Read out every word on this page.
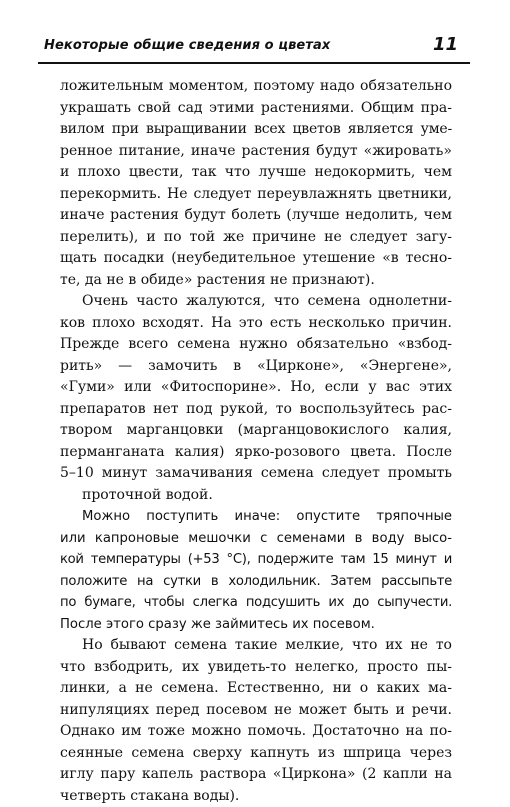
Некоторые общие сведения о цветах	11
ложительным моментом, поэтому надо обязательно
украшать свой сад этими растениями. Общим пра-
вилом при выращивании всех цветов является уме-
ренное питание, иначе растения будут «жировать»
и плохо цвести, так что лучше недокормить, чем
перекормить. Не следует переувлажнять цветники,
иначе растения будут болеть (лучше недолить, чем
перелить), и по той же причине не следует загу-
щать посадки (неубедительное утешение «в тесно-
те, да не в обиде» растения не признают).
Очень часто жалуются, что семена однолетни-
ков плохо всходят. На это есть несколько причин.
Прежде всего семена нужно обязательно «взбод-
рить» — замочить в «Цирконе», «Энергене»,
«Гуми» или «Фитоспорине». Но, если у вас этих
препаратов нет под рукой, то воспользуйтесь рас-
твором марганцовки (марганцовокислого калия,
перманганата калия) ярко-розового цвета. После
5–10 минут замачивания семена следует промыть
проточной водой.
Можно поступить иначе: опустите тряпочные
или капроновые мешочки с семенами в воду высо-
кой температуры (+53 °С), подержите там 15 минут и
положите на сутки в холодильник. Затем рассыпьте
по бумаге, чтобы слегка подсушить их до сыпучести.
После этого сразу же займитесь их посевом.
Но бывают семена такие мелкие, что их не то
что взбодрить, их увидеть-то нелегко, просто пы-
линки, а не семена. Естественно, ни о каких ма-
нипуляциях перед посевом не может быть и речи.
Однако им тоже можно помочь. Достаточно на по-
сеянные семена сверху капнуть из шприца через
иглу пару капель раствора «Циркона» (2 капли на
четверть стакана воды).
